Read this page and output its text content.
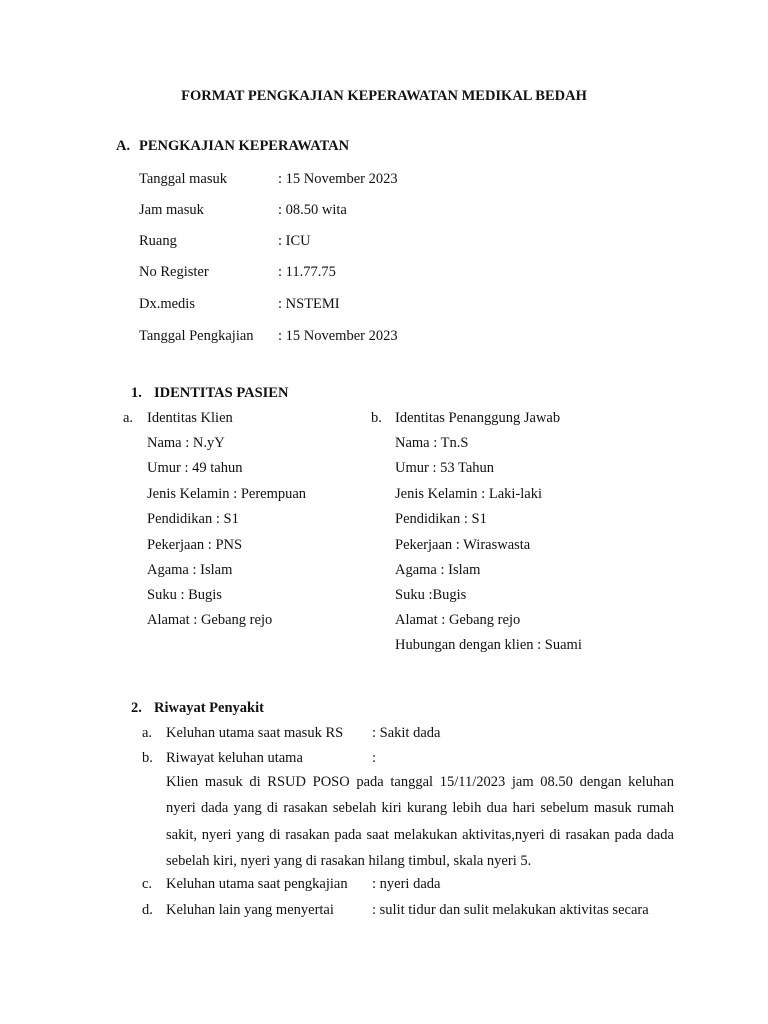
FORMAT PENGKAJIAN KEPERAWATAN MEDIKAL BEDAH
A. PENGKAJIAN KEPERAWATAN
Tanggal masuk	: 15 November 2023
Jam masuk	: 08.50 wita
Ruang	: ICU
No Register	: 11.77.75
Dx.medis	: NSTEMI
Tanggal Pengkajian : 15 November 2023
1. IDENTITAS PASIEN
a. Identitas Klien
Nama : N.yY
Umur : 49 tahun
Jenis Kelamin : Perempuan
Pendidikan : S1
Pekerjaan : PNS
Agama : Islam
Suku : Bugis
Alamat : Gebang rejo
b. Identitas Penanggung Jawab
Nama : Tn.S
Umur : 53 Tahun
Jenis Kelamin : Laki-laki
Pendidikan : S1
Pekerjaan : Wiraswasta
Agama : Islam
Suku :Bugis
Alamat : Gebang rejo
Hubungan dengan klien : Suami
2. Riwayat Penyakit
a. Keluhan utama saat masuk RS : Sakit dada
b. Riwayat keluhan utama	:
Klien masuk di RSUD POSO pada tanggal 15/11/2023 jam 08.50 dengan keluhan nyeri dada yang di rasakan sebelah kiri kurang lebih dua hari sebelum masuk rumah sakit, nyeri yang di rasakan pada saat melakukan aktivitas,nyeri di rasakan pada dada sebelah kiri, nyeri yang di rasakan hilang timbul, skala nyeri 5.
c. Keluhan utama saat pengkajian : nyeri dada
d. Keluhan lain yang menyertai	: sulit tidur dan sulit melakukan aktivitas secara
